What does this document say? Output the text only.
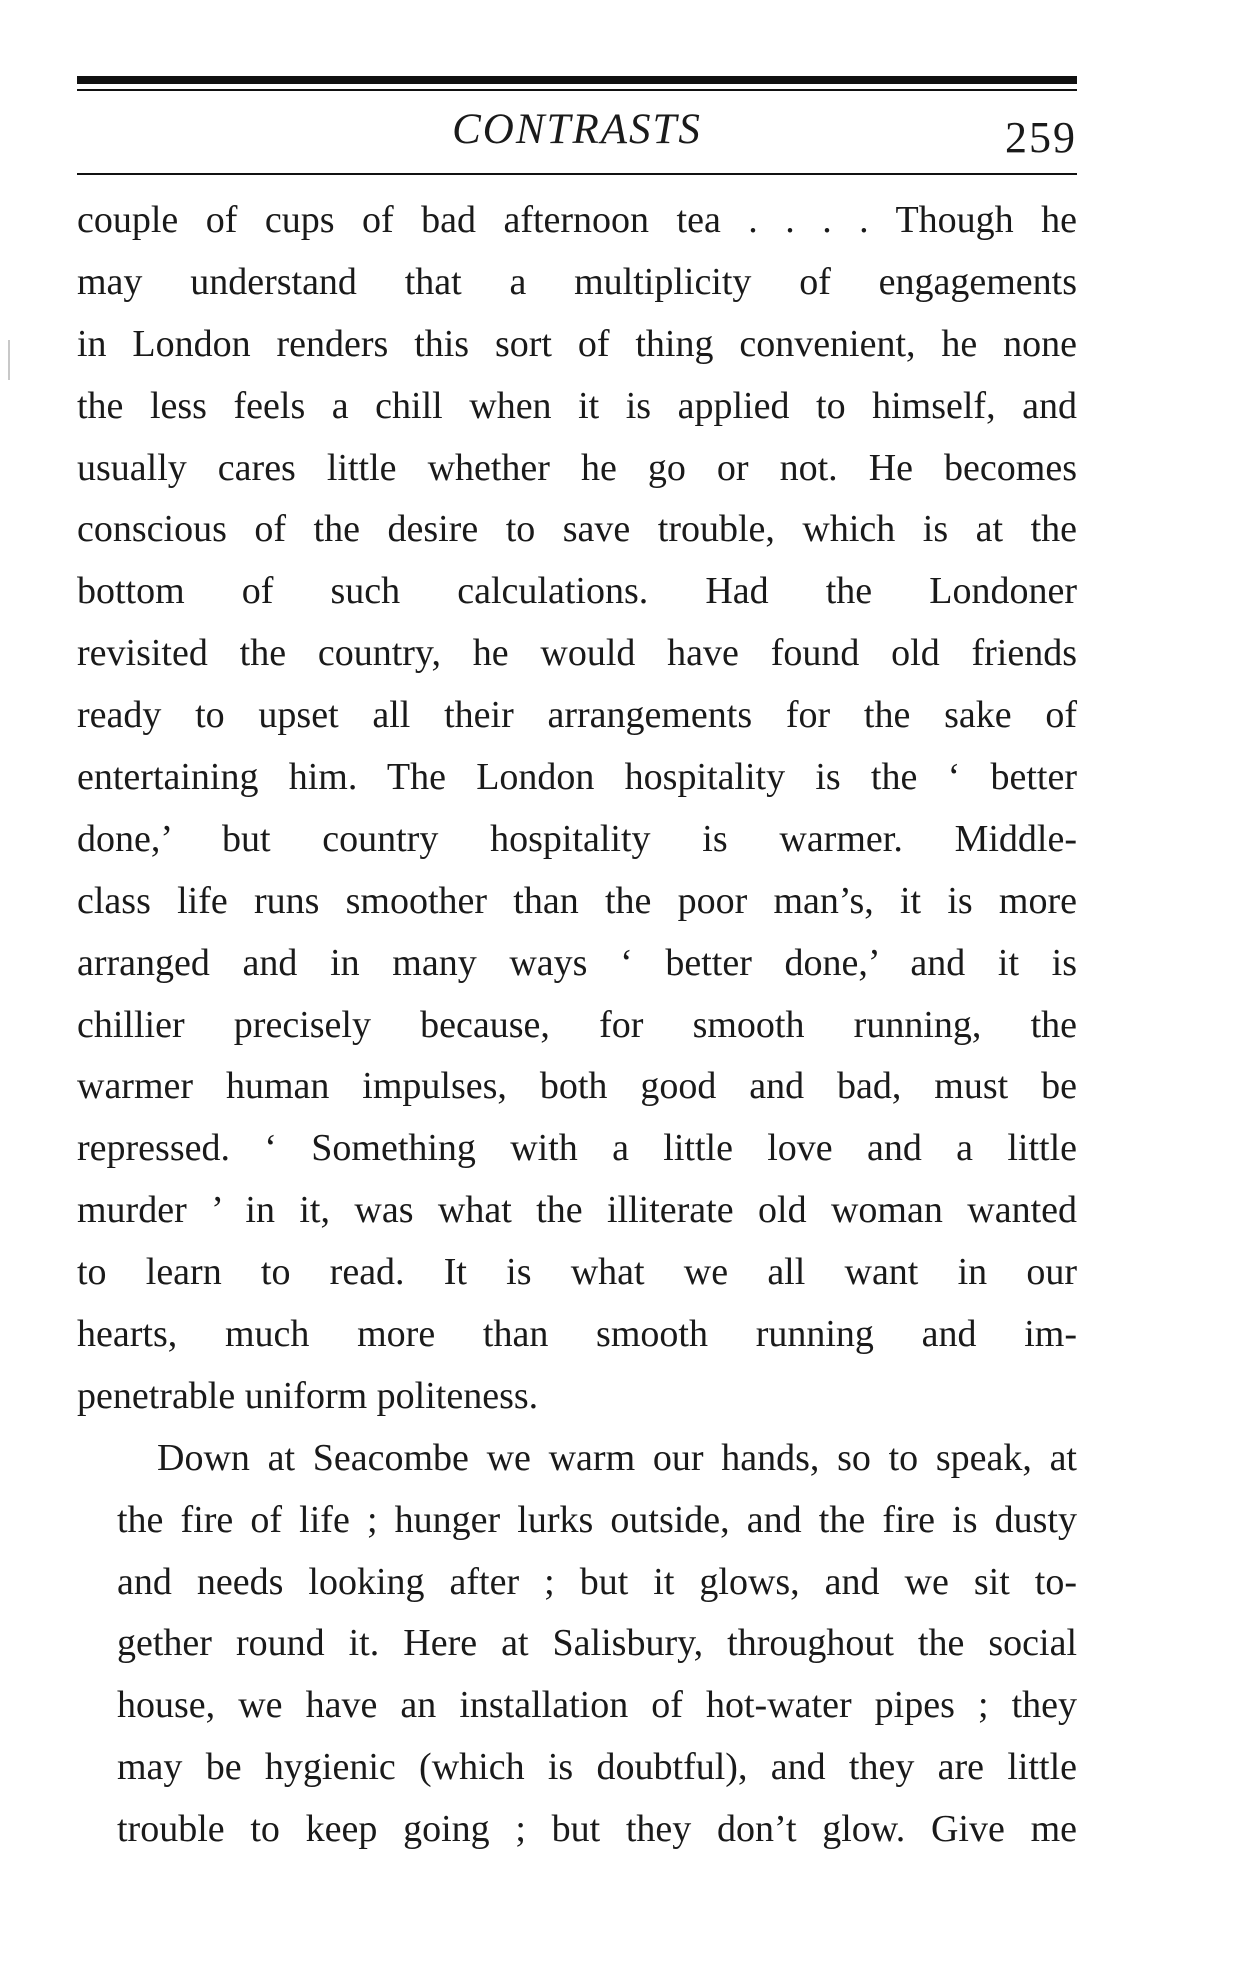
CONTRASTS	259
couple of cups of bad afternoon tea . . . . Though he
may understand that a multiplicity of engagements
in London renders this sort of thing convenient, he none
the less feels a chill when it is applied to himself, and
usually cares little whether he go or not. He becomes
conscious of the desire to save trouble, which is at the
bottom of such calculations. Had the Londoner
revisited the country, he would have found old friends
ready to upset all their arrangements for the sake of
entertaining him. The London hospitality is the ‘ better
done,’ but country hospitality is warmer. Middle-
class life runs smoother than the poor man’s, it is more
arranged and in many ways ‘ better done,’ and it is
chillier precisely because, for smooth running, the
warmer human impulses, both good and bad, must be
repressed. ‘ Something with a little love and a little
murder ’ in it, was what the illiterate old woman wanted
to learn to read. It is what we all want in our
hearts, much more than smooth running and im-
penetrable uniform politeness.
Down at Seacombe we warm our hands, so to speak, at
the fire of life ; hunger lurks outside, and the fire is dusty
and needs looking after ; but it glows, and we sit to-
gether round it. Here at Salisbury, throughout the social
house, we have an installation of hot-water pipes ; they
may be hygienic (which is doubtful), and they are little
trouble to keep going ; but they don’t glow. Give me
